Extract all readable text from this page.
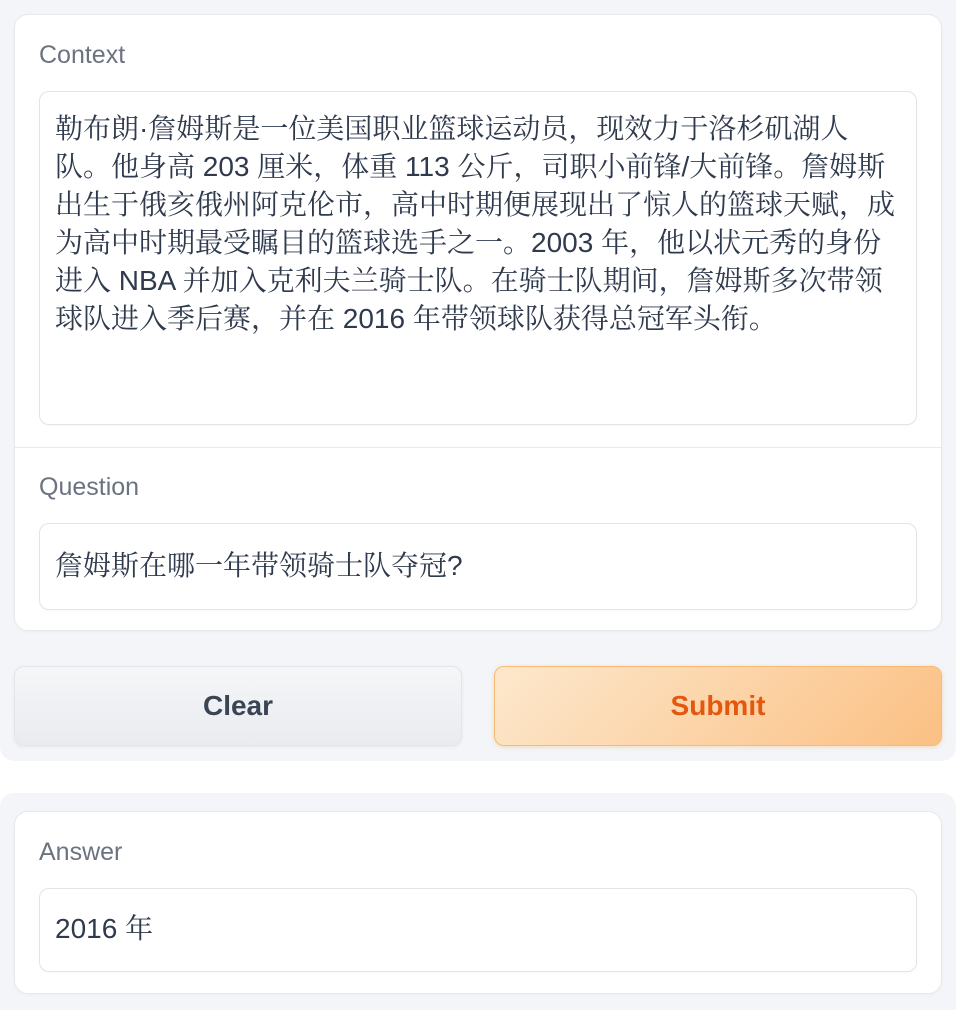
Context
勒布朗·詹姆斯是一位美国职业篮球运动员，现效力于洛杉矶湖人队。他身高 203 厘米，体重 113 公斤，司职小前锋/大前锋。詹姆斯出生于俄亥俄州阿克伦市，高中时期便展现出了惊人的篮球天赋，成为高中时期最受瞩目的篮球选手之一。2003 年，他以状元秀的身份进入 NBA 并加入克利夫兰骑士队。在骑士队期间，詹姆斯多次带领球队进入季后赛，并在 2016 年带领球队获得总冠军头衔。
Question
詹姆斯在哪一年带领骑士队夺冠?
Clear	Submit
Answer
2016 年
